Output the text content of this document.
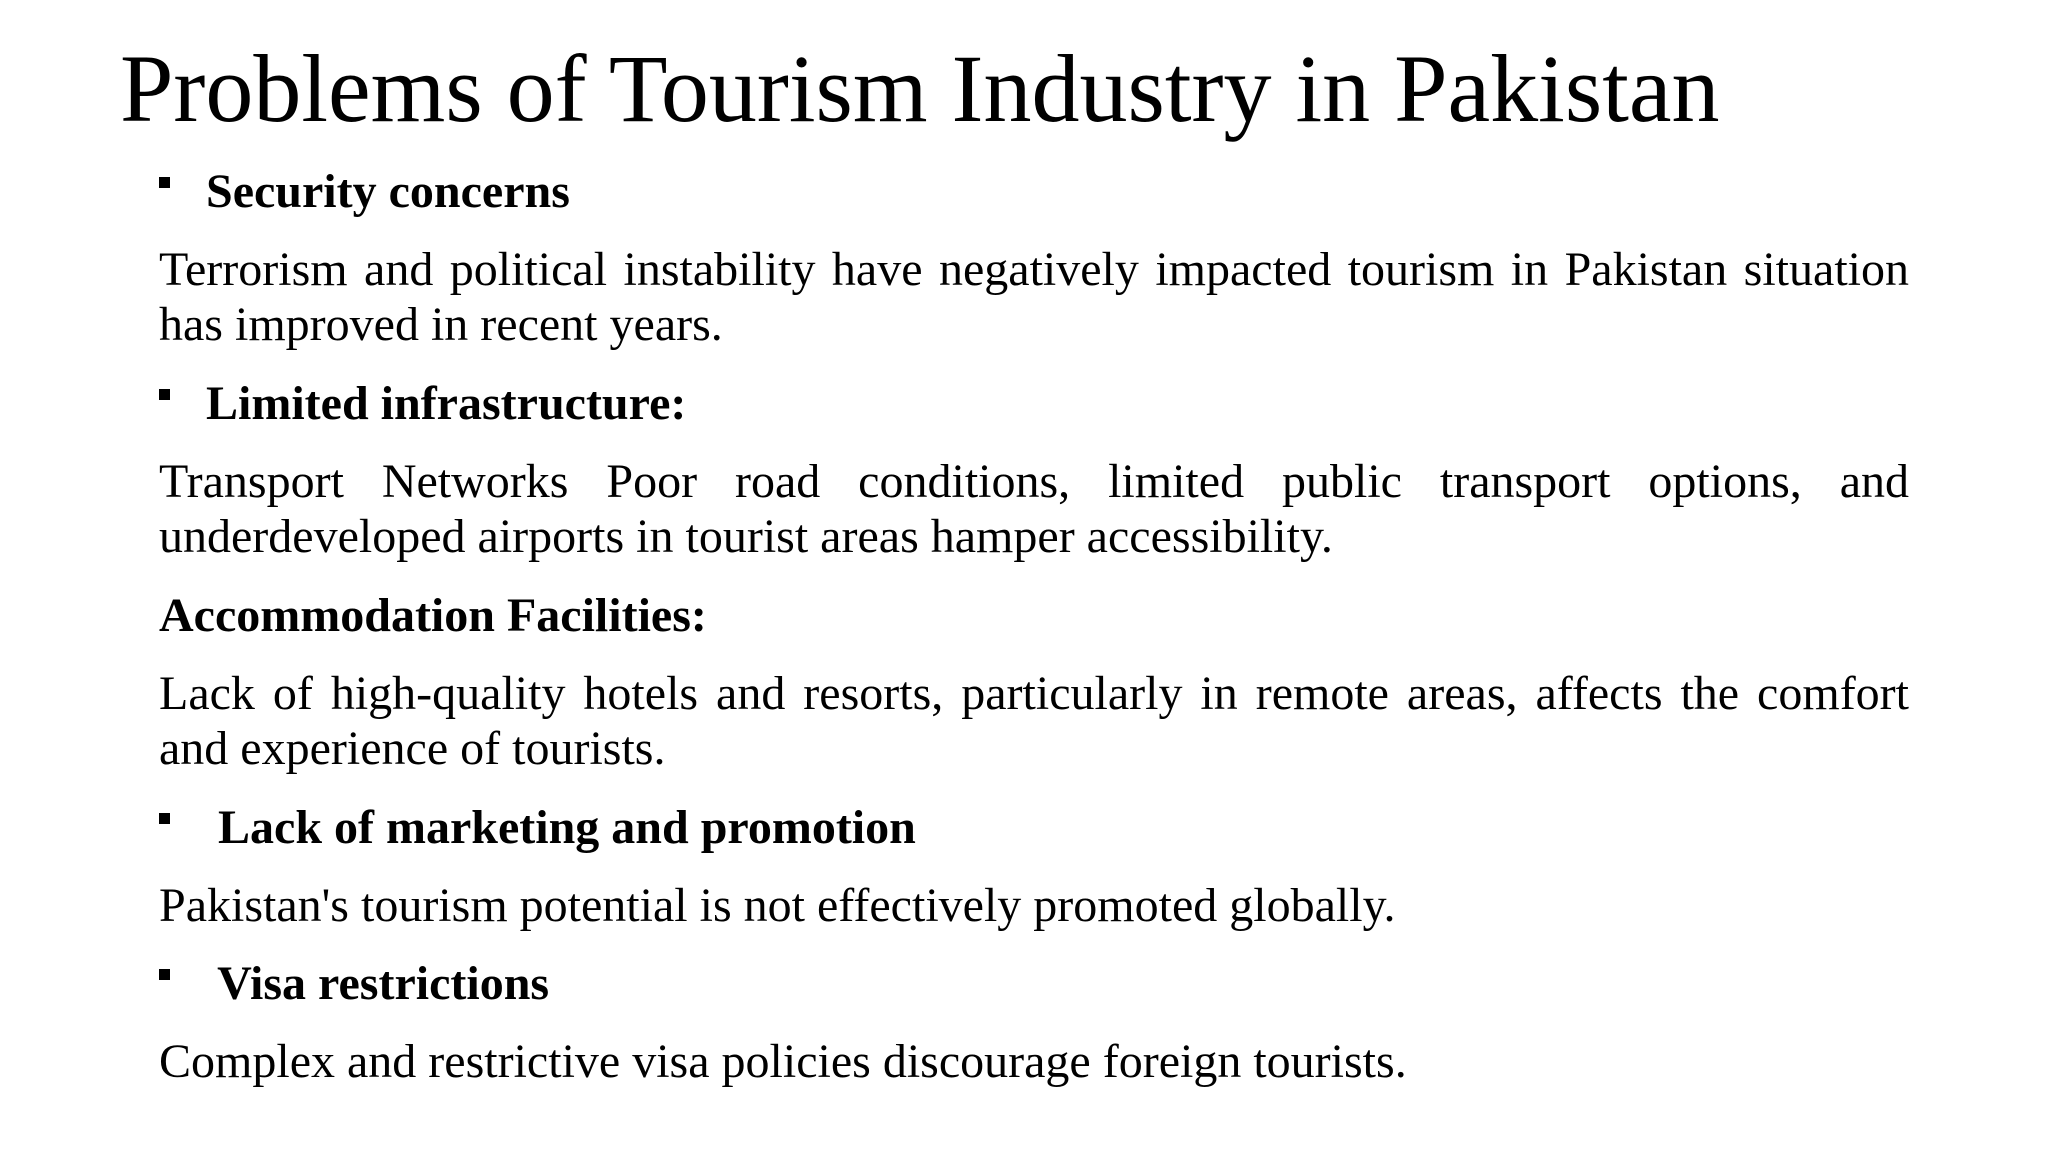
Problems of Tourism Industry in Pakistan
Security concerns

Terrorism and political instability have negatively impacted tourism in Pakistan situation has improved in recent years.

Limited infrastructure:

Transport Networks Poor road conditions, limited public transport options, and underdeveloped airports in tourist areas hamper accessibility.

Accommodation Facilities:

Lack of high-quality hotels and resorts, particularly in remote areas, affects the comfort and experience of tourists.

Lack of marketing and promotion

Pakistan's tourism potential is not effectively promoted globally.

Visa restrictions

Complex and restrictive visa policies discourage foreign tourists.
